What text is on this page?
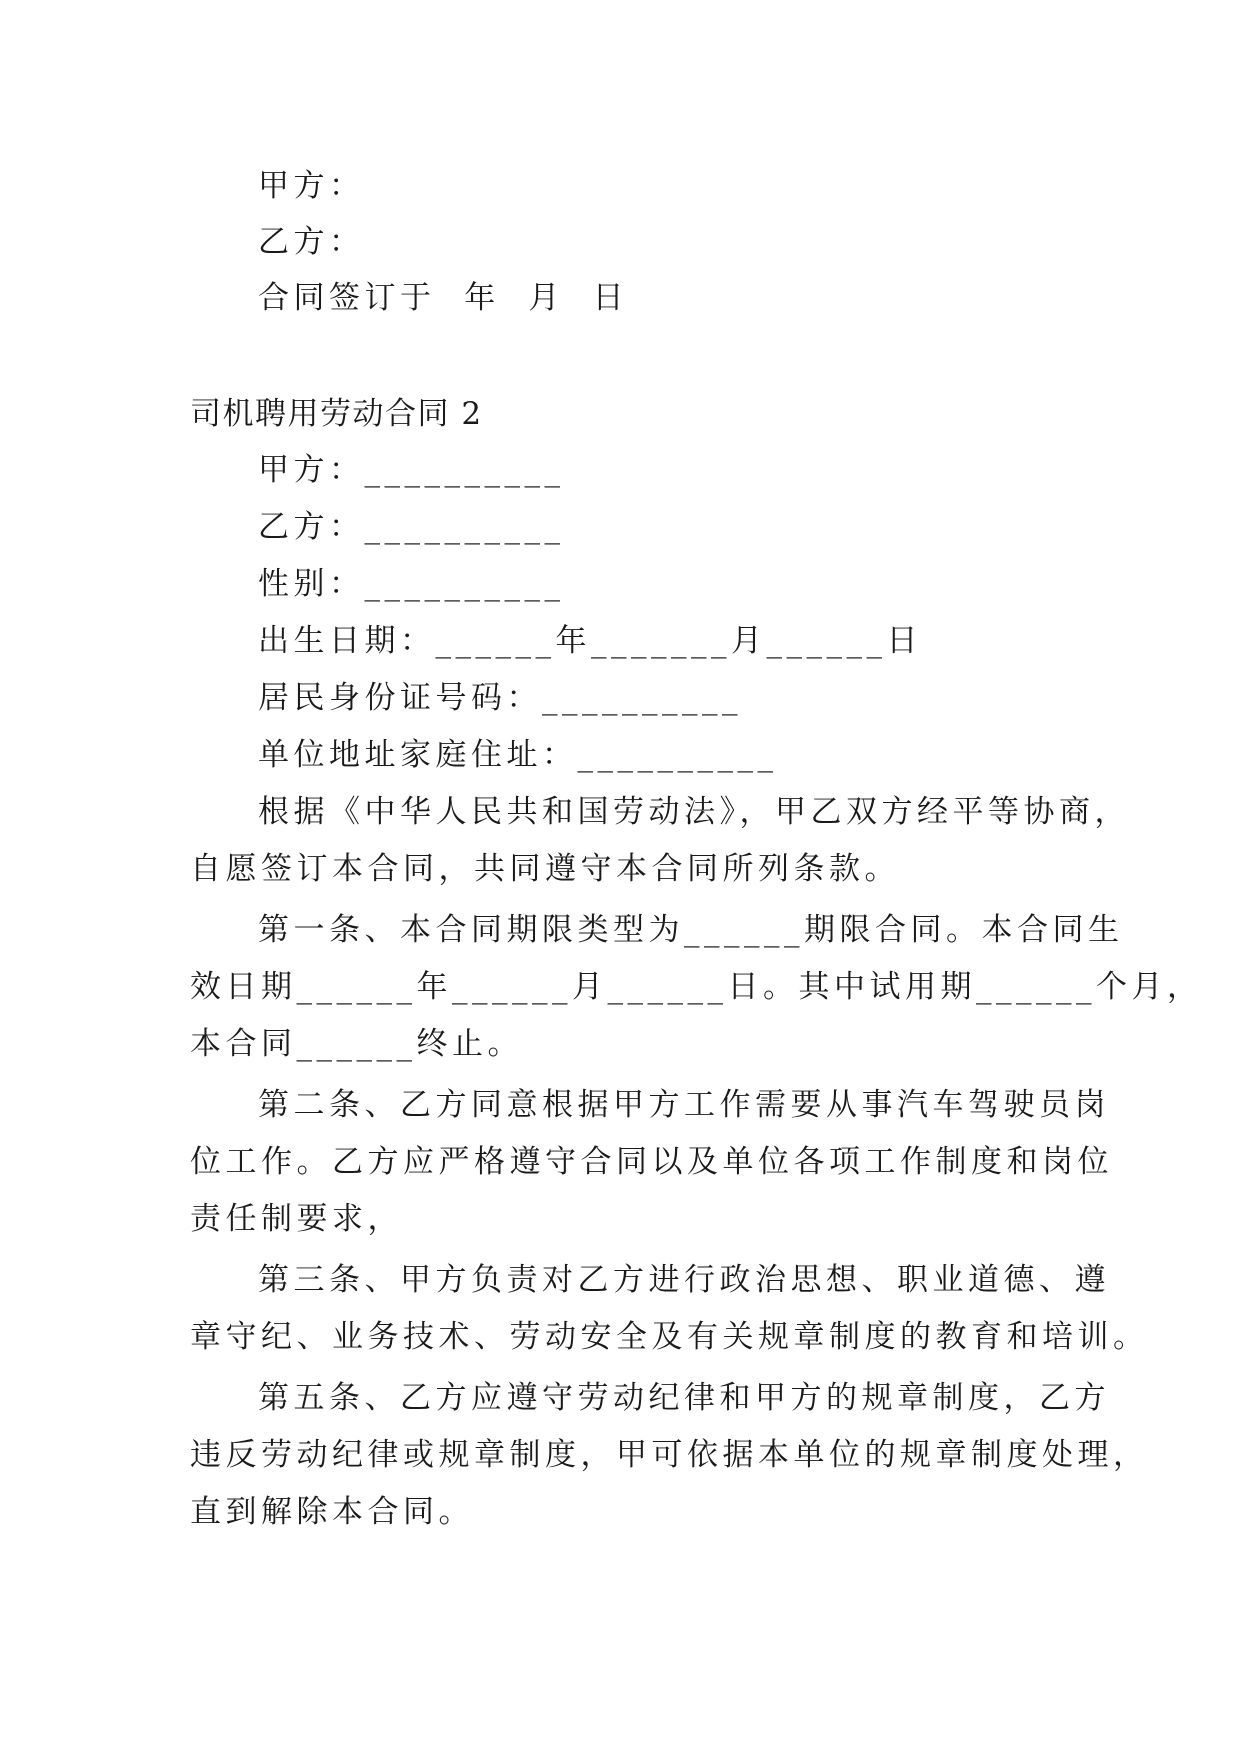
甲方：
乙方：
合同签订于  年  月  日
司机聘用劳动合同 2
甲方：__________
乙方：__________
性别：__________
出生日期：______年_______月______日
居民身份证号码：__________
单位地址家庭住址：__________
根据《中华人民共和国劳动法》，甲乙双方经平等协商，
自愿签订本合同，共同遵守本合同所列条款。
第一条、本合同期限类型为______期限合同。本合同生
效日期______年______月______日。其中试用期______个月，
本合同______终止。
第二条、乙方同意根据甲方工作需要从事汽车驾驶员岗
位工作。乙方应严格遵守合同以及单位各项工作制度和岗位
责任制要求，
第三条、甲方负责对乙方进行政治思想、职业道德、遵
章守纪、业务技术、劳动安全及有关规章制度的教育和培训。
第五条、乙方应遵守劳动纪律和甲方的规章制度，乙方
违反劳动纪律或规章制度，甲可依据本单位的规章制度处理，
直到解除本合同。
